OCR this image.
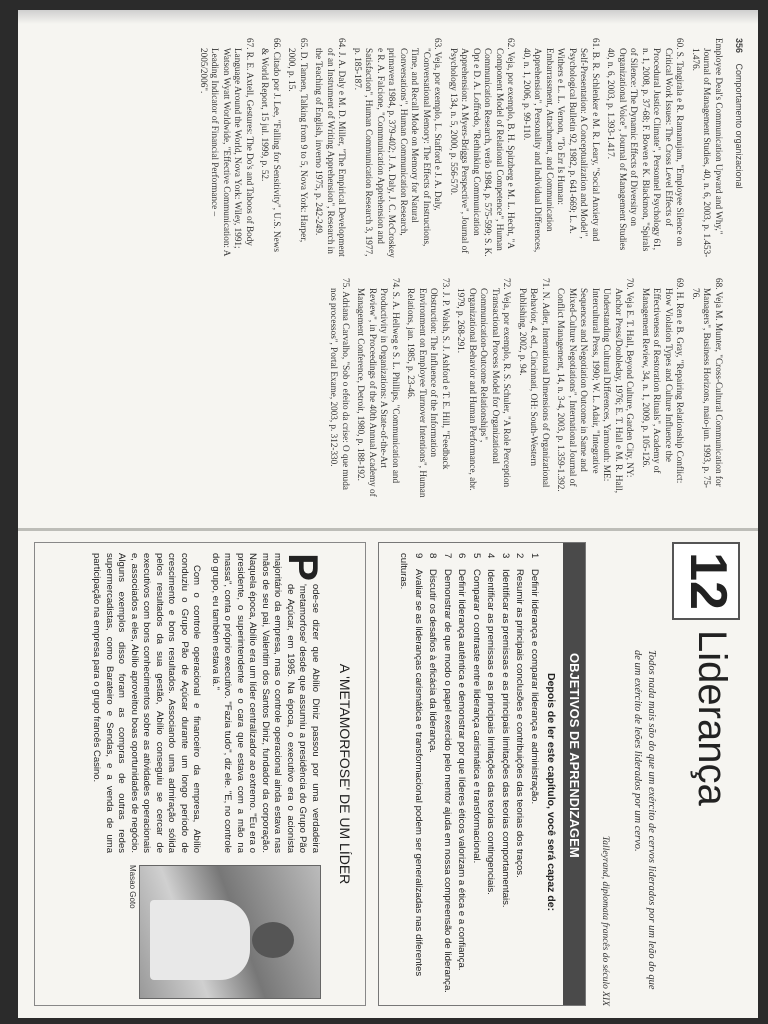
356 Comportamento organizacional

Employee Deal's Communication Upward and Why," Journal of Management Studies, 40, n. 6, 2003, p. 1.453-1.476.

60. S. Tangirala e R. Ramanujam, "Employee Silence on Critical Work Issues: The Cross Level Effects of Procedural Justice Climate", Personnel Psychology 61, n. 1, 2008, p. 37-68; F. Bowen e K. Blackmon, "Spirals of Silence: The Dynamic Effects of Diversity on Organizational Voice", Journal of Management Studies 40, n. 6, 2003, p. 1.393-1.417.

61. B. R. Schlenker e M. R. Leary, "Social Anxiety and Self-Presentation: A Conceptualization and Model", Psychological Bulletin 92, 1982, p. 641-669; L. A. Withers e L. L. Vernon, "To Err Is Human: Embarrassment, Attachment, and Communication Apprehension", Personality and Individual Differences, 40, n. 1, 2006, p. 99-110.

62. Veja, por exemplo, B. H. Spitzberg e M. L. Hecht, "A Component Model of Relational Competence", Human Communication Research, verão 1984, p. 575-599; S. K. Opt e D. A. Loffredo, "Rethinking Communication Apprehension: A Myers-Briggs Perspective", Journal of Psychology 134, n. 5, 2000, p. 556-570.

63. Veja, por exemplo, L. Stafford e J. A. Daly, "Conversational Memory: The Effects of Instructions, Time, and Recall Mode on Memory for Natural Conversations", Human Communication Research, primavera 1984, p. 379-402; J. A. Daly, J. C. McCroskey e R. A. Falcione, "Communication Apprehension and Satisfaction", Human Communication Research 3, 1977, p. 185-187.

64. J. A. Daly e M. D. Miller, "The Empirical Development of an Instrument of Writing Apprehension", Research in the Teaching of English, inverno 1975, p. 242-249.

65. D. Tannen, Talking from 9 to 5, Nova York: Harper, 2000, p. 15.

66. Citado por J. Lee, "Falling for Sensitivity", U.S. News & World Report, 15 jul. 1999, p. 52.

67. R. E. Axtell, Gestures: The Do's and Taboos of Body Language Around the World, Nova York: Wiley, 1991; Watson Wyatt Worldwide, "Effective Communication: A Leading Indicator of Financial Performance – 2005/2006".

68. Veja M. Munter, "Cross-Cultural Communication for Managers", Business Horizons, maio-jun. 1993, p. 75-76.

69. H. Ren e B. Gray, "Repairing Relationship Conflict: How Violation Types and Culture Influence the Effectiveness of Restoration Rituals", Academy of Management Review, 34, n. 1, 2009, p. 105-126.

70. Veja E. T. Hall, Beyond Culture, Garden City, NY: Anchor Press/Doubleday, 1976; E. T. Hall e M. R. Hall, Understanding Cultural Differences, Yarmouth: ME: Intercultural Press, 1990; W. L. Adair, "Integrative Sequences and Negotiation Outcome in Same and Mixed-Culture Negotiations", International Journal of Conflict Management, 14, n. 3-4, 2003, p. 1.359-1.392.

71. N. Adler, International Dimensions of Organizational Behavior, 4. ed., Cincinnati, OH: South-Western Publishing, 2002, p. 94.

72. Veja, por exemplo, R. S. Schuler, "A Role Perception Transactional Process Model for Organizational Communication-Outcome Relationships", Organizational Behavior and Human Performance, abr. 1979, p. 268-291.

73. J. P. Walsh, S. J. Ashford e T. E. Hill, "Feedback Obstruction: The Influence of the Information Environment on Employee Turnover Intentions", Human Relations, jan. 1985, p. 23-46.

74. S. A. Hellweg e S. L. Phillips, "Communication and Productivity in Organizations: A State-of-the-Art Review", in Proceedings of the 40th Annual Academy of Management Conference, Detroit, 1980, p. 188-192.

75. Adriana Carvalho, "Sob o efeito da crise: O que muda nos processos", Portal Exame, 2003, p. 312-330.

12
Liderança
Todos nada mais são do que um exército de cervos liderados por um leão do que de um exército de leões liderados por um cervo.
Talleyrand, diplomata francês do século XIX
OBJETIVOS DE APRENDIZAGEM
Depois de ler este capítulo, você será capaz de:
1Definir liderança e comparar liderança e administração.
2Resumir as principais conclusões e contribuições das teorias dos traços.
3Identificar as premissas e as principais limitações das teorias comportamentais.
4Identificar as premissas e as principais limitações das teorias contingenciais.
5Comparar o contraste entre liderança carismática e transformacional.
6Definir liderança autêntica e demonstrar por que líderes éticos valorizam a ética e a confiança.
7Demonstrar de que modo o papel exercido pelo mentor ajuda em nossa compreensão de liderança.
8Discutir os desafios à eficácia da liderança.
9Avaliar se as lideranças carismática e transformacional podem ser generalizadas nas diferentes culturas.
A 'METAMORFOSE' DE UM LÍDER
P
ode-se dizer que Abílio Diniz passou por uma verdadeira 'metamorfose' desde que assumiu a presidência do Grupo Pão de Açúcar, em 1995. Na época, o executivo era o acionista majoritário da empresa, mas o controle operacional ainda estava nas mãos de seu pai, Valentim dos Santos Diniz, fundador da corporação. Naquela época, Abílio era um líder centralizador ao extremo. "Eu era o presidente, o superintendente e o cara que estava com a mão na massa", conta o próprio executivo. "Fazia tudo", diz ele. "E, no controle do grupo, eu também estava lá."

Com o controle operacional e financeiro da empresa, Abílio conduziu o Grupo Pão de Açúcar durante um longo período de crescimento e bons resultados. Associando uma admiração sólida pelos resultados da sua gestão, Abílio conseguiu se cercar de executivos com bons conhecimentos sobre as atividades operacionais e, associados a eles, Abílio aproveitou boas oportunidades de negócio. Alguns exemplos disso foram as compras de outras redes supermercadistas, como Barateiro e Sendas, e a venda de uma participação na empresa para o grupo francês Casino.

Masao Goto
